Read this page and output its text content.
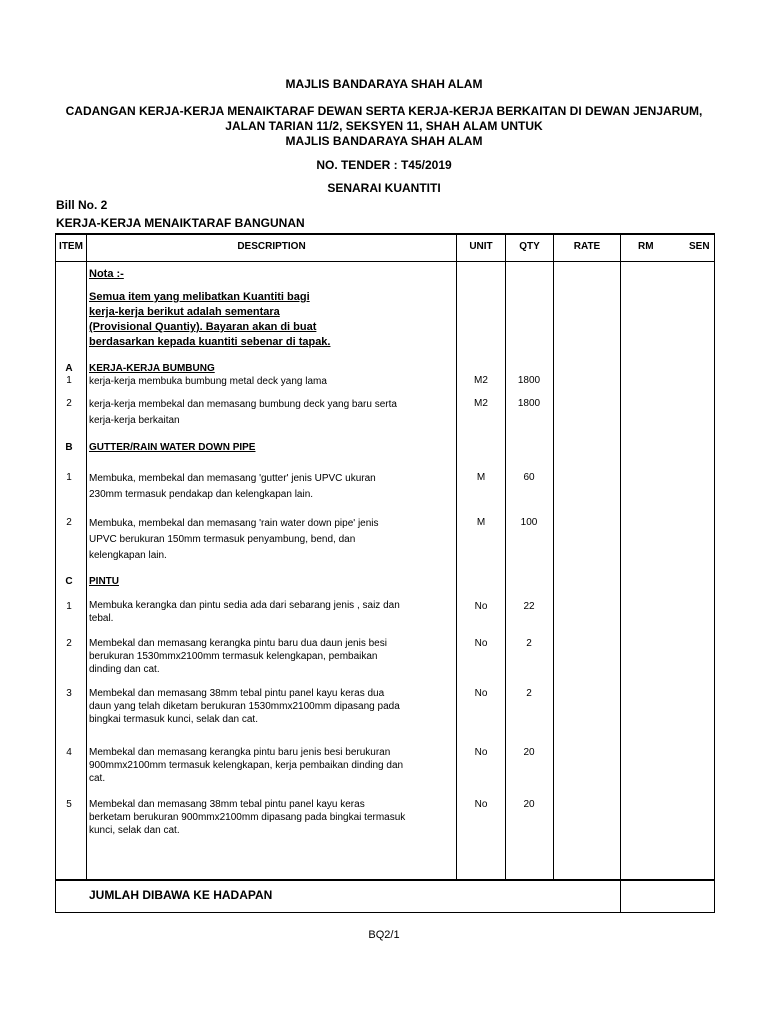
MAJLIS BANDARAYA SHAH ALAM
CADANGAN KERJA-KERJA MENAIKTARAF DEWAN SERTA KERJA-KERJA BERKAITAN DI DEWAN JENJARUM,
JALAN TARIAN 11/2, SEKSYEN 11, SHAH ALAM UNTUK
MAJLIS BANDARAYA SHAH ALAM
NO. TENDER : T45/2019
SENARAI KUANTITI
Bill No. 2
KERJA-KERJA MENAIKTARAF BANGUNAN
ITEM	DESCRIPTION	UNIT	QTY	RATE	RM	SEN
Nota :-
Semua item yang melibatkan Kuantiti bagi
kerja-kerja berikut adalah sementara
(Provisional Quantiy). Bayaran akan di buat
berdasarkan kepada kuantiti sebenar di tapak.
A	KERJA-KERJA BUMBUNG
1	kerja-kerja membuka bumbung metal deck yang lama	M2	1800
2	kerja-kerja membekal dan memasang bumbung deck yang baru serta
kerja-kerja berkaitan
M2	1800
B	GUTTER/RAIN WATER DOWN PIPE
1	Membuka, membekal dan memasang 'gutter' jenis UPVC ukuran
230mm termasuk pendakap dan kelengkapan lain.
M	60
2	Membuka, membekal dan memasang 'rain water down pipe' jenis
UPVC berukuran 150mm termasuk penyambung, bend, dan
kelengkapan lain.
M	100
C	PINTU
1	Membuka kerangka dan pintu sedia ada dari sebarang jenis , saiz dan
tebal.
No	22
2	Membekal dan memasang kerangka pintu baru dua daun jenis besi
berukuran 1530mmx2100mm termasuk kelengkapan, pembaikan
dinding dan cat.
No	2
3	Membekal dan memasang 38mm tebal pintu panel kayu keras dua
daun yang telah diketam berukuran 1530mmx2100mm dipasang pada
bingkai termasuk kunci, selak dan cat.
No	2
4	Membekal dan memasang kerangka pintu baru jenis besi berukuran
900mmx2100mm termasuk kelengkapan, kerja pembaikan dinding dan
cat.
No	20
5	Membekal dan memasang 38mm tebal pintu panel kayu keras
berketam berukuran 900mmx2100mm dipasang pada bingkai termasuk
kunci, selak dan cat.
No	20
JUMLAH DIBAWA KE HADAPAN
BQ2/1
